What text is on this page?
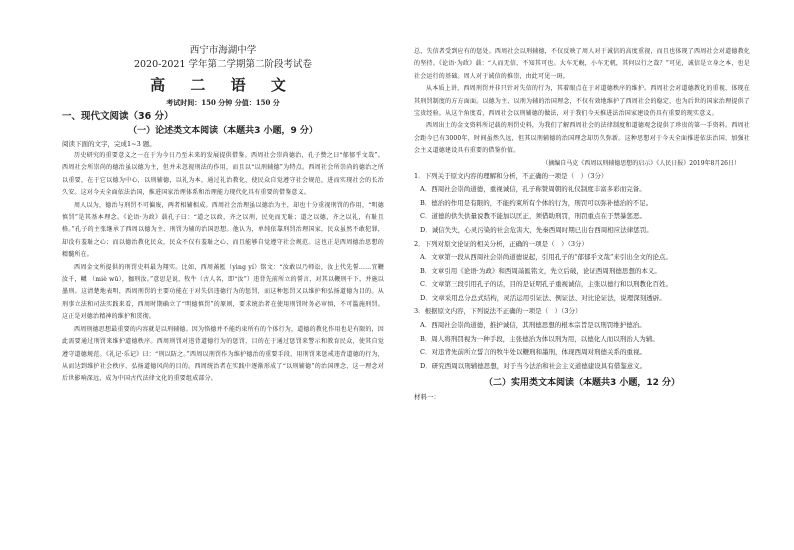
西宁市海湖中学
2020-2021 学年第二学期第二阶段考试卷
高 二 语 文
考试时间：150 分钟 分值：150 分
一、现代文阅读（36 分）
（一）论述类文本阅读（本题共3 小题，9 分）
阅读下面的文字，完成1~3 题。

历史研究的重要意义之一在于为今日乃至未来的发展提供借鉴。西周社会崇尚德治，孔子赞之曰“郁郁乎文哉”。西周社会所崇尚的德治虽以德为主，但并未忽视刑法的作用，而且以“以刑辅德”为特点。西周社会所崇尚的德治之所以重要，在于它以德为中心，以刑辅德，以礼为本，通过礼治教化，使民众自觉遵守社会规范，进而实现社会的长治久安。这对今天全面依法治国，推进国家治理体系和治理能力现代化具有重要的借鉴意义。

周人以为，德治与刑罚不可偏废，两者相辅相成。西周社会治理虽以德治为主，却也十分重视刑罚的作用，“明德慎罚”是其基本理念。《论语·为政》载孔子曰：“道之以政，齐之以刑，民免而无耻；道之以德，齐之以礼，有耻且格。”孔子的主张继承了西周以德为主、刑罚为辅的治国思想。他认为，单纯依靠刑罚治理国家，民众虽然不敢犯罪，却没有羞耻之心；而以德治教化民众，民众不仅有羞耻之心，而且能够自觉遵守社会规范。这也正是西周德治思想的精髓所在。

西周金文所提供的刑罚史料最为翔实。比如，西周㒼匜（yìng yí）铭文：“汝敢以乃师讼，汝上代先誓……宜鞭汝千，幭 （miè wū），㹢刑汝。”意思是说，牧牛（古人名，即“汝”）违背先前所立的誓言，对其以鞭刑千下，并施以墨刑。这清楚地表明，西周刑罚的主要功能在于对失信违德行为的惩罚，而这种惩罚又以维护和弘扬道德为目的。从刑事立法和司法实践来看，西周时期确立了“明德慎罚”的原则，要求统治者在使用刑罚时务必审慎，不可滥施刑罚。这正是对德治精神的维护和贯彻。

西周刑德思想最重要的内容就是以刑辅德。因为恪德并不能约束所有的个体行为，道德的教化作用也是有限的，因此需要通过刑罚来维护道德秩序。西周刑罚对违背道德行为的惩罚，目的在于通过惩罚来警示和教育民众，使其自觉遵守道德规范。《礼记·乐记》曰：“刑以防之。”西周以刑罚作为维护德治的重要手段，用刑罚来惩戒违背道德的行为，从而达到维护社会秩序、弘扬道德风尚的目的。西周统治者在实践中逐渐形成了“以刑辅德”的治国理念，这一理念对后世影响深远，成为中国古代法律文化的重要组成部分。

总，失信者受到应有的惩处。西周社会以刑辅德，不仅反映了周人对于诚信的高度重视，而且也体现了西周社会对道德教化的坚持。《论语·为政》载：“人而无信，不知其可也。大车无輗，小车无軏，其何以行之哉？”可见，诚信是立身之本，也是社会运行的基础。周人对于诚信的推崇，由此可见一斑。

从本质上讲，西周刑罚并非只针对失信的行为，其着眼点在于对道德秩序的维护。西周社会对道德教化的重视，体现在其刑罚制度的方方面面。以德为主、以刑为辅的治国理念，不仅有效地维护了西周社会的稳定，也为后世的国家治理提供了宝贵经验。从这个角度看，西周社会以刑辅德的做法，对于我们今天推进法治国家建设仍具有重要的现实意义。

西周出土的金文资料所记载的刑罚史料，为我们了解西周社会的法律制度和道德观念提供了珍贵的第一手资料。西周社会距今已有3000年，时间虽然久远，但其以刑辅德的治国理念却历久弥新。这种思想对于今天全面推进依法治国、加强社会主义道德建设具有重要的借鉴价值。

（摘编自马克《西周以刑辅德思想的启示》《人民日报》2019年8月26日）
1．下列关于原文内容的理解和分析，不正确的一项是（　）（3分）
A．西周社会崇尚道德，重视诚信，孔子称赞周朝的礼仪制度丰富多彩而完备。
B．德治的作用是有限的，不能约束所有个体的行为，刑罚可以弥补德治的不足。
C．道德的供失供量说教不能加以匡正，须借助刑罚，刑罚重点在于禁暴惩恶。
D．诚信失失，心灵污染的社会危害大，先秦西周时期已出台西周相应法律惩罚。
2．下列对原文论证的相关分析，正确的一项是（　）（3分）
A．文章第一段从西周社会崇尚道德说起，引用孔子的“郁郁乎文哉”来引出全文的论点。
B．文章引用《论语·为政》和西周㒼匜铭文，先立后破，论证西周刑德思想的本义。
C．文章第三段引用孔子的话，目的是证明孔子重视诚信，主张以德行和以刑教化百姓。
D．文章采用总分总式结构，灵活运用引证法、例证法、对比论证法，说理深刻透辟。
3．根据原文内容，下列说法不正确的一项是（　）（3分）
A．西周社会崇尚道德，推护诚信，其刑德思想的根本宗旨是以刑罚维护德治。
B．周人将刑罚视为一种手段，主张德治为体以刑为用，以德化人而以刑治人为辅。
C．对违背先前所立誓言的牧牛处以鞭刑和墨刑，体现西周对刑德关系的重视。
D．研究西周以刑辅德思想，对于当今法治和社会主义道德建设具有借鉴意义。
（二）实用类文本阅读（本题共3 小题，12 分）
材料一：
